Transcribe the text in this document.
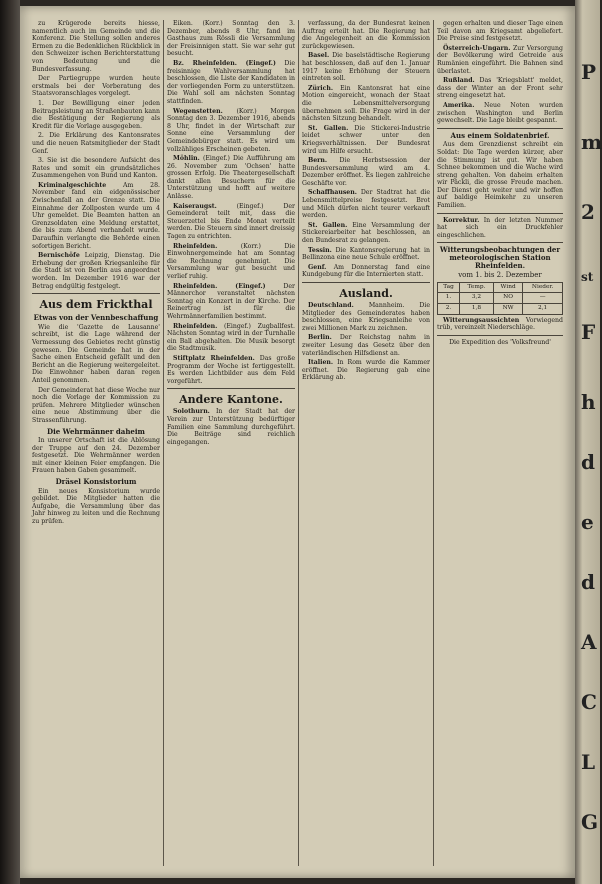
zu Krügerode bereits hiesse, namentlich auch im Gemeinde und die Konferenz. Die Stellung sollen anderes Ermen zu die Bedenklichen Rückblick in den Schweizer ischen Berichterstattung von Bedeutung und die Bundesverfassung.

Der Partiegruppe wurden heute erstmals bei der Vorberatung des Staatsvoranschlages vorgelegt.

1. Der Bewilligung einer jeden Beitragsleistung an Straßenbauten kann die Bestätigung der Regierung als Kredit für die Vorlage ausgegeben.

2. Die Erklärung des Kantonsrates und die neuen Ratsmitglieder der Stadt Genf.

3. Sie ist die besondere Aufsicht des Rates und somit ein grundsätzliches Zusammengehen von Bund und Kanton.

Kriminalgeschichte	Am 28. November fand ein eidgenössischer Zwischenfall an der Grenze statt. Die Einnahme der Zollposten wurde um 4 Uhr gemeldet. Die Beamten hatten an Grenzsoldaten eine Meldung erstattet, die bis zum Abend verhandelt wurde. Daraufhin verlangte die Behörde einen sofortigen Bericht.

Bernischöfe Leipzig, Dienstag. Die Erhebung der großen Kriegsanleihe für die Stadt ist von Berlin aus angeordnet worden. Im Dezember 1916 war der Betrag endgültig festgelegt.

Aus dem Frickthal
Etwas von der Vennbeschaffung

Wie die 'Gazette de Lausanne' schreibt, ist die Lage während der Vermessung des Gebietes recht günstig gewesen. Die Gemeinde hat in der Sache einen Entscheid gefällt und den Bericht an die Regierung weitergeleitet. Die Einwohner haben daran regen Anteil genommen.

Der Gemeinderat hat diese Woche nur noch die Vorlage der Kommission zu prüfen. Mehrere Mitglieder wünschen eine neue Abstimmung über die Strassenführung.

Die Wehrmänner daheim

In unserer Ortschaft ist die Ablösung der Truppe auf den 24. Dezember festgesetzt. Die Wehrmänner werden mit einer kleinen Feier empfangen. Die Frauen haben Gaben gesammelt.

Dräsel Konsistorium

Ein neues Konsistorium wurde gebildet. Die Mitglieder hatten die Aufgabe, die Versammlung über das Jahr hinweg zu leiten und die Rechnung zu prüfen.

Eiken. (Korr.) Sonntag den 3. Dezember, abends 8 Uhr, fand im Gasthaus zum Rössli die Versammlung der Freisinnigen statt. Sie war sehr gut besucht.

Bz. Rheinfelden. (Eingef.) Die freisinnige Wahlversammlung hat beschlossen, die Liste der Kandidaten in der vorliegenden Form zu unterstützen. Die Wahl soll am nächsten Sonntag stattfinden.

Wegenstetten. (Korr.) Morgen Sonntag den 3. Dezember 1916, abends 8 Uhr, findet in der Wirtschaft zur Sonne eine Versammlung der Gemeindebürger statt. Es wird um vollzähliges Erscheinen gebeten.

Möhlin. (Eingef.) Die Aufführung am 26. November zum 'Ochsen' hatte grossen Erfolg. Die Theatergesellschaft dankt allen Besuchern für die Unterstützung und hofft auf weitere Anlässe.

Kaiseraugst.	(Eingef.) Der Gemeinderat teilt mit, dass die Steuerzettel bis Ende Monat verteilt werden. Die Steuern sind innert dreissig Tagen zu entrichten.

Rheinfelden.	(Korr.) Die Einwohnergemeinde hat am Sonntag die Rechnung genehmigt. Die Versammlung war gut besucht und verlief ruhig.

Rheinfelden. (Eingef.)	Der Männerchor veranstaltet nächsten Sonntag ein Konzert in der Kirche. Der Reinertrag ist für die Wehrmännerfamilien bestimmt.

Rheinfelden. (Eingef.) Zugballfest. Nächsten Sonntag wird in der Turnhalle ein Ball abgehalten. Die Musik besorgt die Stadtmusik.

Stiftplatz Rheinfelden. Das große Programm der Woche ist fertiggestellt. Es werden Lichtbilder aus dem Feld vorgeführt.

Andere Kantone.

Solothurn. In der Stadt hat der Verein zur Unterstützung bedürftiger Familien eine Sammlung durchgeführt. Die Beiträge sind reichlich eingegangen.

verfassung, da der Bundesrat keinen Auftrag erteilt hat. Die Regierung hat die Angelegenheit an die Kommission zurückgewiesen.

Basel. Die baselstädtische Regierung hat beschlossen, daß auf den 1. Januar 1917 keine Erhöhung der Steuern eintreten soll.

Zürich. Ein Kantonsrat hat eine Motion eingereicht, wonach der Staat die Lebensmittelversorgung übernehmen soll. Die Frage wird in der nächsten Sitzung behandelt.

St. Gallen. Die Stickerei-Industrie leidet schwer unter den Kriegsverhältnissen. Der Bundesrat wird um Hilfe ersucht.

Bern. Die Herbstsession der Bundesversammlung wird am 4. Dezember eröffnet. Es liegen zahlreiche Geschäfte vor.

Schaffhausen. Der Stadtrat hat die Lebensmittelpreise festgesetzt. Brot und Milch dürfen nicht teurer verkauft werden.

St. Gallen. Eine Versammlung der Stickereiarbeiter hat beschlossen, an den Bundesrat zu gelangen.

Tessin. Die Kantonsregierung hat in Bellinzona eine neue Schule eröffnet.

Genf. Am Donnerstag fand eine Kundgebung für die Internierten statt.

Ausland.

Deutschland. Mannheim. Die Mitglieder des Gemeinderates haben beschlossen, eine Kriegsanleihe von zwei Millionen Mark zu zeichnen.

Berlin. Der Reichstag nahm in zweiter Lesung das Gesetz über den vaterländischen Hilfsdienst an.

Italien. In Rom wurde die Kammer eröffnet. Die Regierung gab eine Erklärung ab.

gegen erhalten und dieser Tage einen Teil davon am Kriegsamt abgeliefert. Die Preise sind festgesetzt.

Österreich-Ungarn. Zur Versorgung der Bevölkerung wird Getreide aus Rumänien eingeführt. Die Bahnen sind überlastet.

Rußland. Das 'Kriegsblatt' meldet, dass der Winter an der Front sehr streng eingesetzt hat.

Amerika. Neue Noten wurden zwischen Washington und Berlin gewechselt. Die Lage bleibt gespannt.

Aus einem Soldatenbrief.

Aus dem Grenzdienst schreibt ein Soldat: Die Tage werden kürzer, aber die Stimmung ist gut. Wir haben Schnee bekommen und die Wache wird streng gehalten. Von daheim erhalten wir Päckli, die grosse Freude machen. Der Dienst geht weiter und wir hoffen auf baldige Heimkehr zu unseren Familien.

Korrektur. In der letzten Nummer hat sich ein Druckfehler eingeschlichen.

Witterungsbeobachtungen der meteorologischen Station Rheinfelden.
vom 1. bis 2. Dezember
Tag	Temp.	Wind	Nieder.
1.	3,2	NO	—
2.	1,8	NW	2,1

Witterungsaussichten Vorwiegend trüb, vereinzelt Niederschläge.

Die Expedition des 'Volksfreund'

P
m
2
st
F
h
d
e
d
A
C
L
G
